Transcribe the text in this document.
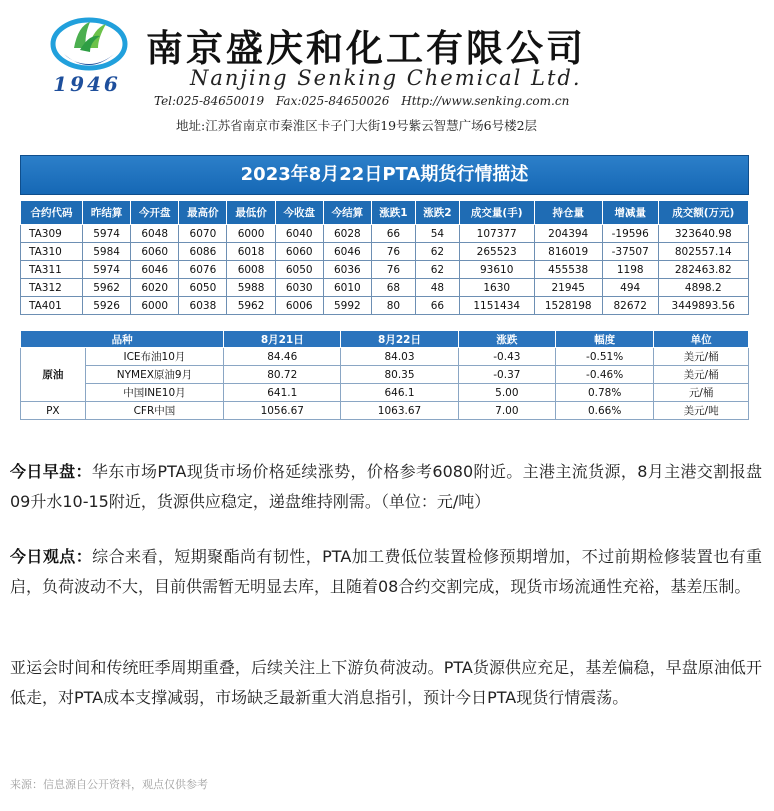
1946
南京盛庆和化工有限公司
Nanjing Senking Chemical Ltd.
Tel:025-84650019 Fax:025-84650026 Http://www.senking.com.cn
地址:江苏省南京市秦淮区卡子门大街19号紫云智慧广场6号楼2层
2023年8月22日PTA期货行情描述
合约代码	昨结算	今开盘	最高价	最低价	今收盘	今结算	涨跌1	涨跌2	成交量(手)	持仓量	增减量	成交额(万元)
TA309	5974	6048	6070	6000	6040	6028	66	54	107377	204394	-19596	323640.98
TA310	5984	6060	6086	6018	6060	6046	76	62	265523	816019	-37507	802557.14
TA311	5974	6046	6076	6008	6050	6036	76	62	93610	455538	1198	282463.82
TA312	5962	6020	6050	5988	6030	6010	68	48	1630	21945	494	4898.2
TA401	5926	6000	6038	5962	6006	5992	80	66	1151434	1528198	82672	3449893.56
品种		8月21日	8月22日	涨跌	幅度	单位
原油	ICE布油10月	84.46	84.03	-0.43	-0.51%	美元/桶
	NYMEX原油9月	80.72	80.35	-0.37	-0.46%	美元/桶
	中国INE10月	641.1	646.1	5.00	0.78%	元/桶
PX	CFR中国	1056.67	1063.67	7.00	0.66%	美元/吨

今日早盘：华东市场PTA现货市场价格延续涨势，价格参考6080附近。主港主流货源，8月主港交割报盘09升水10-15附近，货源供应稳定，递盘维持刚需。（单位：元/吨）

今日观点：综合来看，短期聚酯尚有韧性，PTA加工费低位装置检修预期增加，不过前期检修装置也有重启，负荷波动不大，目前供需暂无明显去库，且随着08合约交割完成，现货市场流通性充裕，基差压制。

亚运会时间和传统旺季周期重叠，后续关注上下游负荷波动。PTA货源供应充足，基差偏稳，早盘原油低开低走，对PTA成本支撑减弱，市场缺乏最新重大消息指引，预计今日PTA现货行情震荡。

来源：信息源自公开资料，观点仅供参考
